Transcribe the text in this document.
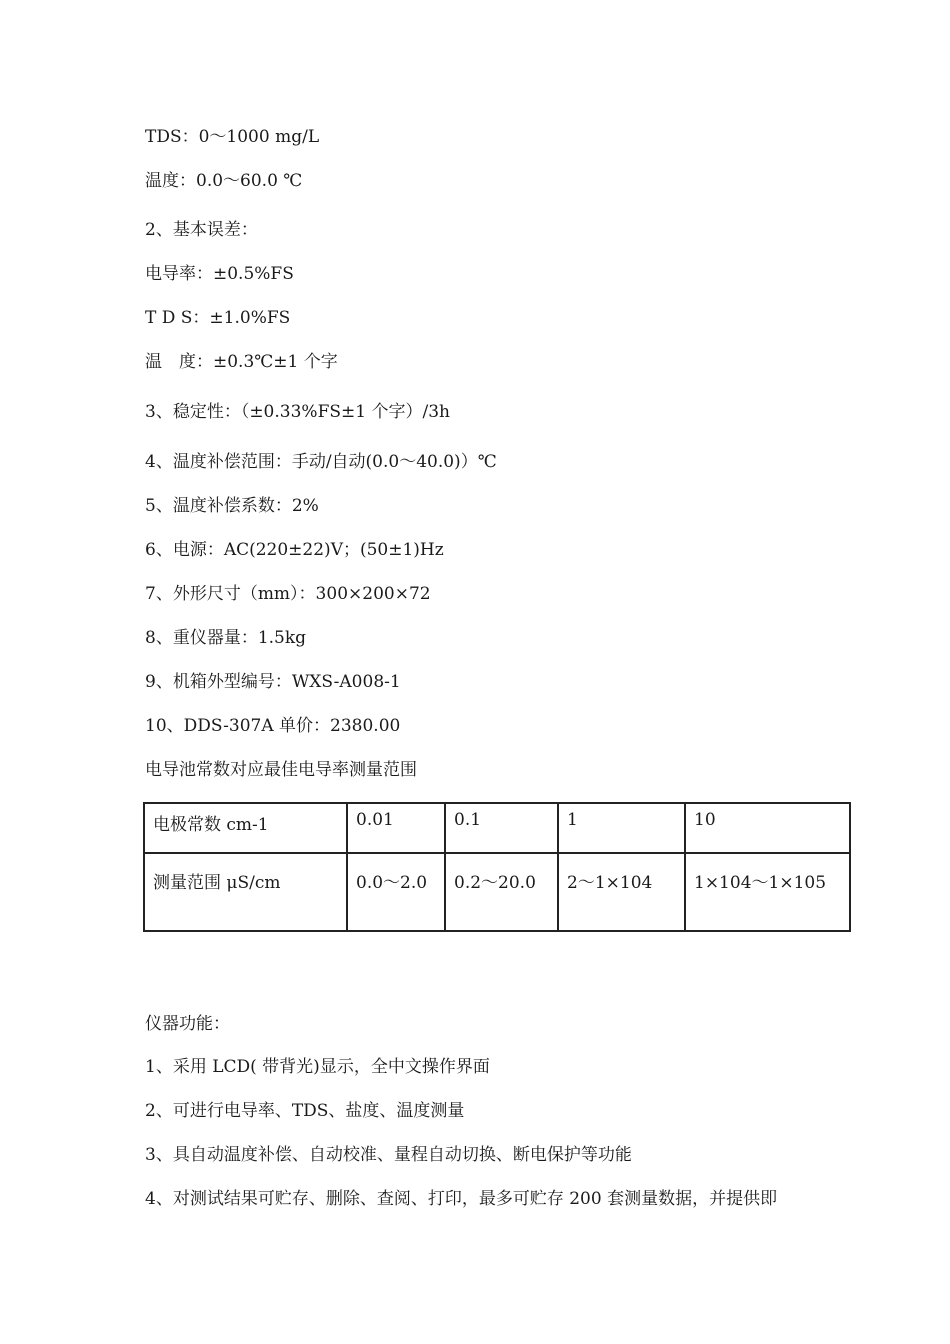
TDS：0～1000 mg/L
温度：0.0～60.0 ℃
2、基本误差：
电导率：±0.5%FS
T D S：±1.0%FS
温　度：±0.3℃±1 个字
3、稳定性：（±0.33%FS±1 个字）/3h
4、温度补偿范围：手动/自动(0.0～40.0)）℃
5、温度补偿系数：2%
6、电源：AC(220±22)V；(50±1)Hz
7、外形尺寸（mm）：300×200×72
8、重仪器量：1.5kg
9、机箱外型编号：WXS-A008-1
10、DDS-307A 单价：2380.00
电导池常数对应最佳电导率测量范围
电极常数 cm-1	0.01	0.1	1	10
测量范围 μS/cm	0.0～2.0	0.2～20.0	2～1×104	1×104～1×105
仪器功能：
1、采用 LCD( 带背光)显示，全中文操作界面
2、可进行电导率、TDS、盐度、温度测量
3、具自动温度补偿、自动校准、量程自动切换、断电保护等功能
4、对测试结果可贮存、删除、查阅、打印，最多可贮存 200 套测量数据，并提供即
